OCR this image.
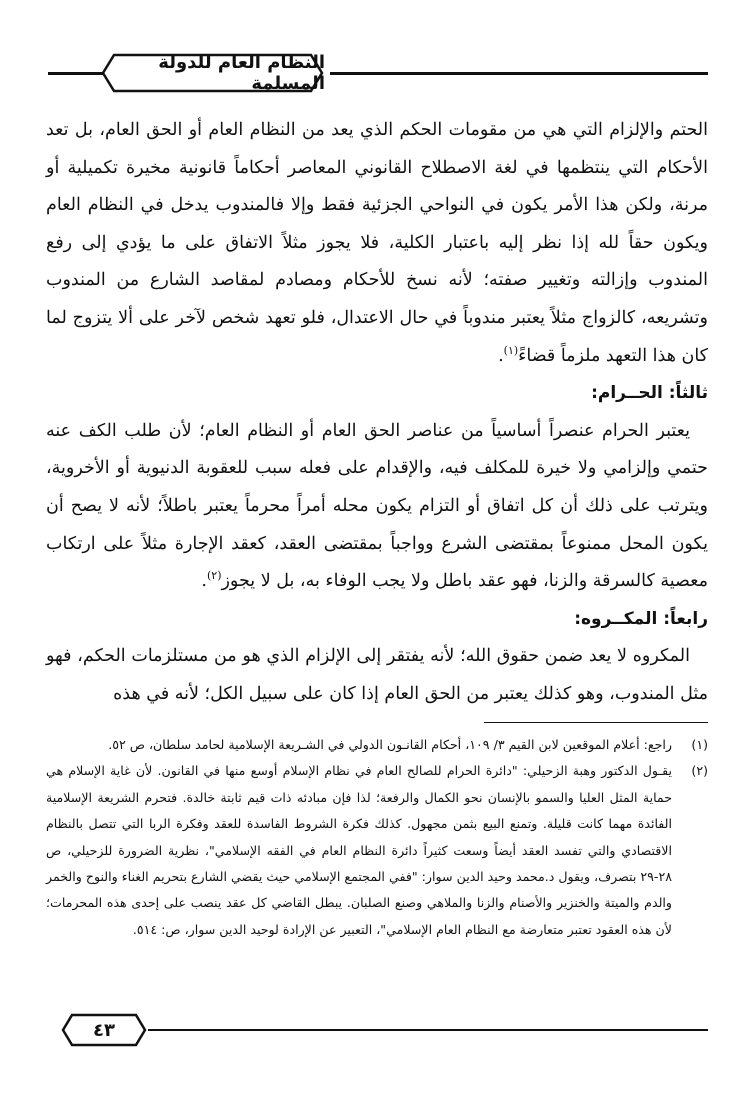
النظام العام للدولة المسلمة

الحتم والإلزام التي هي من مقومات الحكم الذي يعد من النظام العام أو الحق العام، بل تعد الأحكام التي ينتظمها في لغة الاصطلاح القانوني المعاصر أحكاماً قانونية مخيرة تكميلية أو مرنة، ولكن هذا الأمر يكون في النواحي الجزئية فقط وإلا فالمندوب يدخل في النظام العام ويكون حقاً لله إذا نظر إليه باعتبار الكلية، فلا يجوز مثلاً الاتفاق على ما يؤدي إلى رفع المندوب وإزالته وتغيير صفته؛ لأنه نسخ للأحكام ومصادم لمقاصد الشارع من المندوب وتشريعه، كالزواج مثلاً يعتبر مندوباً في حال الاعتدال، فلو تعهد شخص لآخر على ألا يتزوج لما كان هذا التعهد ملزماً قضاءً$^{(١)}$.

ثالثاً: الحــرام:

يعتبر الحرام عنصراً أساسياً من عناصر الحق العام أو النظام العام؛ لأن طلب الكف عنه حتمي وإلزامي ولا خيرة للمكلف فيه، والإقدام على فعله سبب للعقوبة الدنيوية أو الأخروية، ويترتب على ذلك أن كل اتفاق أو التزام يكون محله أمراً محرماً يعتبر باطلاً؛ لأنه لا يصح أن يكون المحل ممنوعاً بمقتضى الشرع وواجباً بمقتضى العقد، كعقد الإجارة مثلاً على ارتكاب معصية كالسرقة والزنا، فهو عقد باطل ولا يجب الوفاء به، بل لا يجوز$^{(٢)}$.

رابعاً: المكــروه:

المكروه لا يعد ضمن حقوق الله؛ لأنه يفتقر إلى الإلزام الذي هو من مستلزمات الحكم، فهو مثل المندوب، وهو كذلك يعتبر من الحق العام إذا كان على سبيل الكل؛ لأنه في هذه

(١)
راجع: أعلام الموقعين لابن القيم ٣/ ١٠٩، أحكام القانـون الدولي في الشـريعة الإسلامية لحامد سلطان، ص ٥٢.
(٢)
يقـول الدكتور وهبة الزحيلي: "دائرة الحرام للصالح العام في نظام الإسلام أوسع منها في القانون. لأن غاية الإسلام هي حماية المثل العليا والسمو بالإنسان نحو الكمال والرفعة؛ لذا فإن مبادئه ذات قيم ثابتة خالدة. فتحرم الشريعة الإسلامية الفائدة مهما كانت قليلة. وتمنع البيع بثمن مجهول. كذلك فكرة الشروط الفاسدة للعقد وفكرة الربا التي تتصل بالنظام الاقتصادي والتي تفسد العقد أيضاً وسعت كثيراً دائرة النظام العام في الفقه الإسلامي"، نظرية الضرورة للزحيلي، ص ٢٨-٢٩ بتصرف، ويقول د.محمد وحيد الدين سوار: "ففي المجتمع الإسلامي حيث يقضي الشارع بتحريم الغناء والنوح والخمر والدم والميتة والخنزير والأصنام والزنا والملاهي وصنع الصلبان. يبطل القاضي كل عقد ينصب على إحدى هذه المحرمات؛ لأن هذه العقود تعتبر متعارضة مع النظام العام الإسلامي"، التعبير عن الإرادة لوحيد الدين سوار، ص: ٥١٤.
٤٣
